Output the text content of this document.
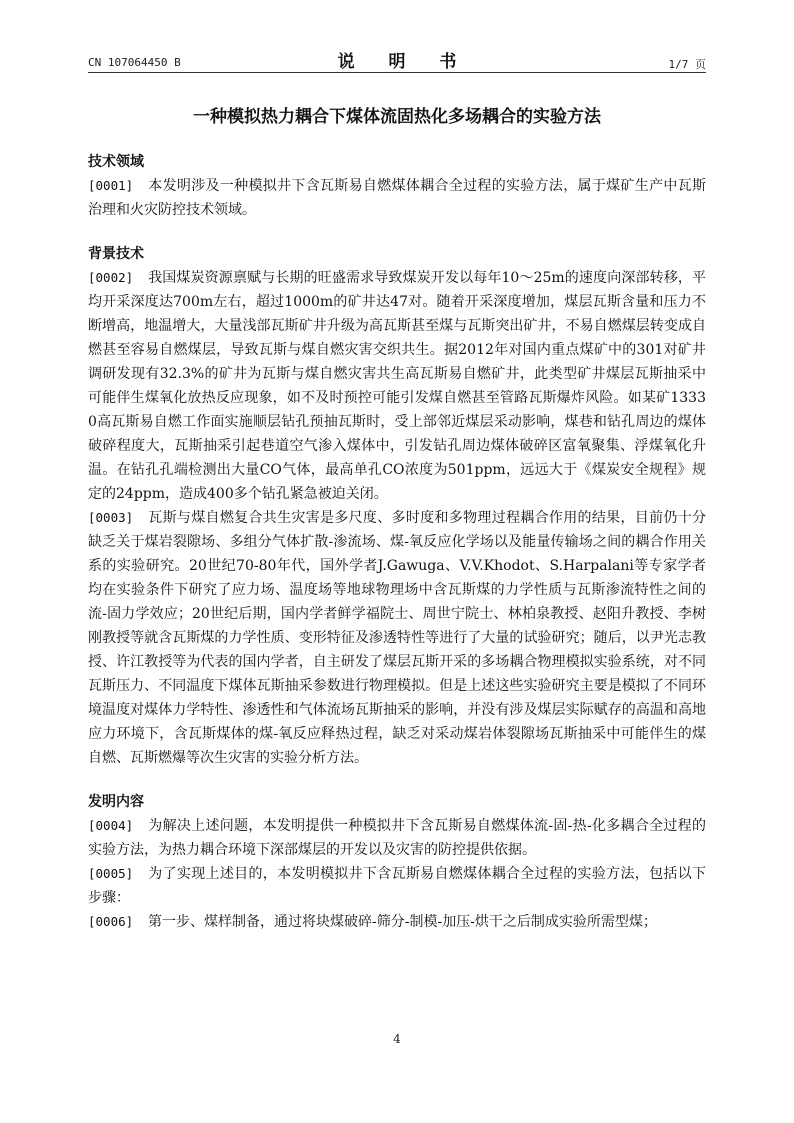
CN 107064450 B	说 明 书	1/7 页
一种模拟热力耦合下煤体流固热化多场耦合的实验方法
技术领域

[0001] 本发明涉及一种模拟井下含瓦斯易自燃煤体耦合全过程的实验方法，属于煤矿生产中瓦斯治理和火灾防控技术领域。

背景技术

[0002] 我国煤炭资源禀赋与长期的旺盛需求导致煤炭开发以每年10～25m的速度向深部转移，平均开采深度达700m左右，超过1000m的矿井达47对。随着开采深度增加，煤层瓦斯含量和压力不断增高，地温增大，大量浅部瓦斯矿井升级为高瓦斯甚至煤与瓦斯突出矿井，不易自燃煤层转变成自燃甚至容易自燃煤层，导致瓦斯与煤自燃灾害交织共生。据2012年对国内重点煤矿中的301对矿井调研发现有32.3%的矿井为瓦斯与煤自燃灾害共生高瓦斯易自燃矿井，此类型矿井煤层瓦斯抽采中可能伴生煤氧化放热反应现象，如不及时预控可能引发煤自燃甚至管路瓦斯爆炸风险。如某矿13330高瓦斯易自燃工作面实施顺层钻孔预抽瓦斯时，受上部邻近煤层采动影响，煤巷和钻孔周边的煤体破碎程度大，瓦斯抽采引起巷道空气渗入煤体中，引发钻孔周边煤体破碎区富氧聚集、浮煤氧化升温。在钻孔孔端检测出大量CO气体，最高单孔CO浓度为501ppm，远远大于《煤炭安全规程》规定的24ppm，造成400多个钻孔紧急被迫关闭。

[0003] 瓦斯与煤自燃复合共生灾害是多尺度、多时度和多物理过程耦合作用的结果，目前仍十分缺乏关于煤岩裂隙场、多组分气体扩散-渗流场、煤-氧反应化学场以及能量传输场之间的耦合作用关系的实验研究。20世纪70-80年代，国外学者J.Gawuga、V.V.Khodot、S.Harpalani等专家学者均在实验条件下研究了应力场、温度场等地球物理场中含瓦斯煤的力学性质与瓦斯渗流特性之间的流-固力学效应；20世纪后期，国内学者鲜学福院士、周世宁院士、林柏泉教授、赵阳升教授、李树刚教授等就含瓦斯煤的力学性质、变形特征及渗透特性等进行了大量的试验研究；随后，以尹光志教授、许江教授等为代表的国内学者，自主研发了煤层瓦斯开采的多场耦合物理模拟实验系统，对不同瓦斯压力、不同温度下煤体瓦斯抽采参数进行物理模拟。但是上述这些实验研究主要是模拟了不同环境温度对煤体力学特性、渗透性和气体流场瓦斯抽采的影响，并没有涉及煤层实际赋存的高温和高地应力环境下，含瓦斯煤体的煤-氧反应释热过程，缺乏对采动煤岩体裂隙场瓦斯抽采中可能伴生的煤自燃、瓦斯燃爆等次生灾害的实验分析方法。

发明内容

[0004] 为解决上述问题，本发明提供一种模拟井下含瓦斯易自燃煤体流-固-热-化多耦合全过程的实验方法，为热力耦合环境下深部煤层的开发以及灾害的防控提供依据。

[0005] 为了实现上述目的，本发明模拟井下含瓦斯易自燃煤体耦合全过程的实验方法，包括以下步骤：

[0006] 第一步、煤样制备，通过将块煤破碎-筛分-制模-加压-烘干之后制成实验所需型煤；

4
